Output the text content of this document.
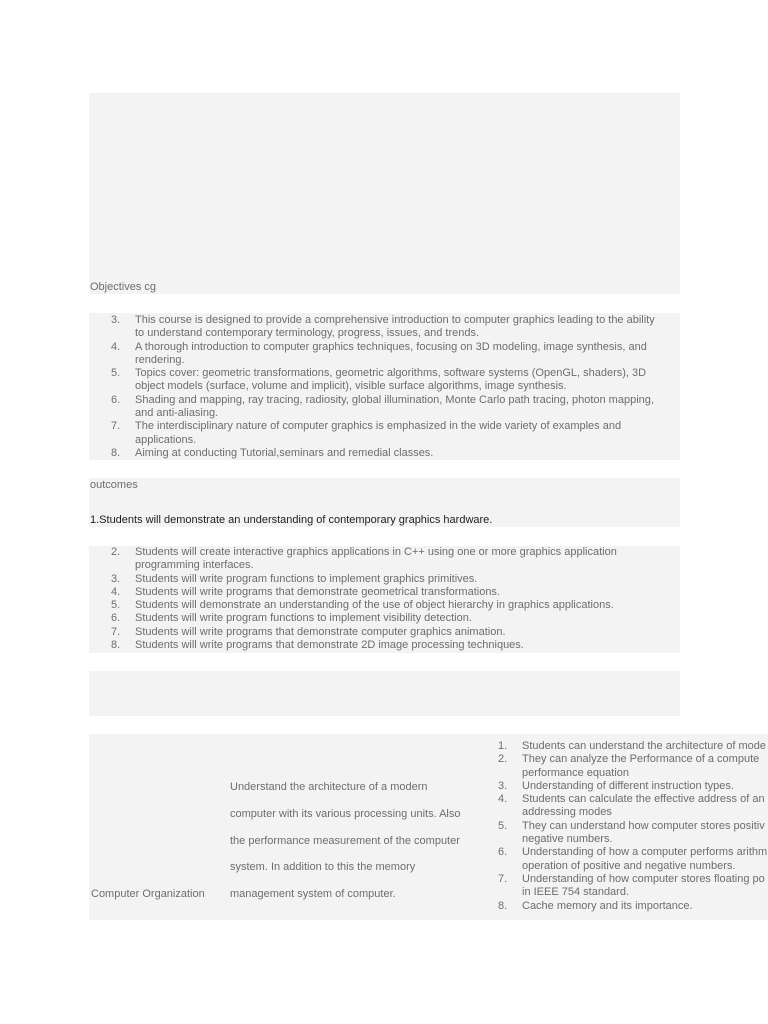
Objectives cg
3. This course is designed to provide a comprehensive introduction to computer graphics leading to the ability
to understand contemporary terminology, progress, issues, and trends.
4. A thorough introduction to computer graphics techniques, focusing on 3D modeling, image synthesis, and
rendering.
5. Topics cover: geometric transformations, geometric algorithms, software systems (OpenGL, shaders), 3D
object models (surface, volume and implicit), visible surface algorithms, image synthesis.
6. Shading and mapping, ray tracing, radiosity, global illumination, Monte Carlo path tracing, photon mapping,
and anti-aliasing.
7. The interdisciplinary nature of computer graphics is emphasized in the wide variety of examples and
applications.
8. Aiming at conducting Tutorial,seminars and remedial classes.
outcomes
1.Students will demonstrate an understanding of contemporary graphics hardware.
2. Students will create interactive graphics applications in C++ using one or more graphics application
programming interfaces.
3. Students will write program functions to implement graphics primitives.
4. Students will write programs that demonstrate geometrical transformations.
5. Students will demonstrate an understanding of the use of object hierarchy in graphics applications.
6. Students will write program functions to implement visibility detection.
7. Students will write programs that demonstrate computer graphics animation.
8. Students will write programs that demonstrate 2D image processing techniques.
Computer Organization
Understand the architecture of a modern
computer with its various processing units. Also
the performance measurement of the computer
system. In addition to this the memory
management system of computer.
1. Students can understand the architecture of mode
2. They can analyze the Performance of a compute
performance equation
3. Understanding of different instruction types.
4. Students can calculate the effective address of an
addressing modes
5. They can understand how computer stores positiv
negative numbers.
6. Understanding of how a computer performs arithm
operation of positive and negative numbers.
7. Understanding of how computer stores floating po
in IEEE 754 standard.
8. Cache memory and its importance.
